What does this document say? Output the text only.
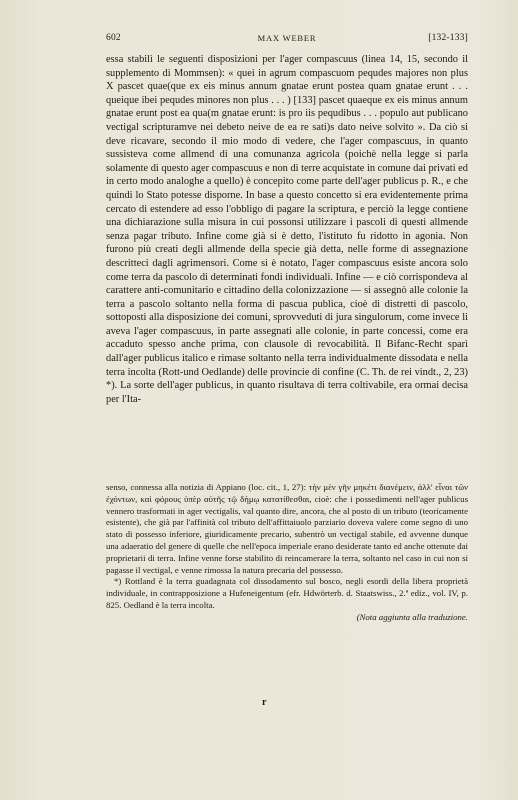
602	MAX WEBER	[132-133]

essa stabilì le seguenti disposizioni per l'ager compascuus (linea 14, 15, secondo il supplemento di Mommsen): « quei in agrum compascuom pequdes majores non plus X pascet quae(que ex eis minus annum gnatae erunt postea quam gnatae erunt . . . queique ibei pequdes minores non plus . . . ) [133] pascet quaeque ex eis minus annum gnatae erunt post ea qua(m gnatae erunt: is pro iis pequdibus . . . populo aut publicano vectigal scripturamve nei debeto neive de ea re sati)s dato neive solvito ». Da ciò si deve ricavare, secondo il mio modo di vedere, che l'ager compascuus, in quanto sussisteva come allmend di una comunanza agricola (poichè nella legge si parla solamente di questo ager compascuus e non di terre acquistate in comune dai privati ed in certo modo analoghe a quello) è concepito come parte dell'ager publicus p. R., e che quindi lo Stato potesse disporne. In base a questo concetto si era evidentemente prima cercato di estendere ad esso l'obbligo di pagare la scriptura, e perciò la legge contiene una dichiarazione sulla misura in cui possonsi utilizzare i pascoli di questi allmende senza pagar tributo. Infine come già si è detto, l'istituto fu ridotto in agonia. Non furono più creati degli allmende della specie già detta, nelle forme di assegnazione descritteci dagli agrimensori. Come si è notato, l'ager compascuus esiste ancora solo come terra da pascolo di determinati fondi individuali. Infine — e ciò corrispondeva al carattere anti-comunitario e cittadino della colonizzazione — si assegnò alle colonie la terra a pascolo soltanto nella forma di pascua publica, cioè di distretti di pascolo, sottoposti alla disposizione dei comuni, sprovveduti di jura singulorum, come invece li aveva l'ager compascuus, in parte assegnati alle colonie, in parte concessi, come era accaduto spesso anche prima, con clausole di revocabilità. Il Bifanc-Recht sparì dall'ager publicus italico e rimase soltanto nella terra individualmente dissodata e nella terra incolta (Rott-und Oedlande) delle provincie di confine (C. Th. de rei vindt., 2, 23) *). La sorte dell'ager publicus, in quanto risultava di terra coltivabile, era ormai decisa per l'Ita-

senso, connessa alla notizia di Appiano (loc. cit., 1, 27): τὴν μὲν γῆν μηκέτι διανέμειν, ἀλλ' εἶναι τῶν ἐχόντων, καὶ φόρους ὑπὲρ αὐτῆς τῷ δήμῳ κατατίθεσθαι, cioè: che i possedimenti nell'ager publicus vennero trasformati in ager vectigalis, val quanto dire, ancora, che al posto di un tributo (teoricamente esistente), che già par l'affinità col tributo dell'affittaiuolo parziario doveva valere come segno di uno stato di possesso inferiore, giuridicamente precario, subentrò un vectigal stabile, ed avvenne dunque una adaeratio del genere di quelle che nell'epoca imperiale erano desiderate tanto ed anche ottenute dai proprietarii di terra. Infine venne forse stabilito di reincamerare la terra, soltanto nel caso in cui non si pagasse il vectigal, e venne rimossa la natura precaria del possesso.

*) Rottland è la terra guadagnata col dissodamento sul bosco, negli esordi della libera proprietà individuale, in contrapposizione a Hufeneigentum (efr. Hdwörterb. d. Staatswiss., 2.ª ediz., vol. IV, p. 825. Oedland è la terra incolta.

(Nota aggiunta alla traduzione.

r
